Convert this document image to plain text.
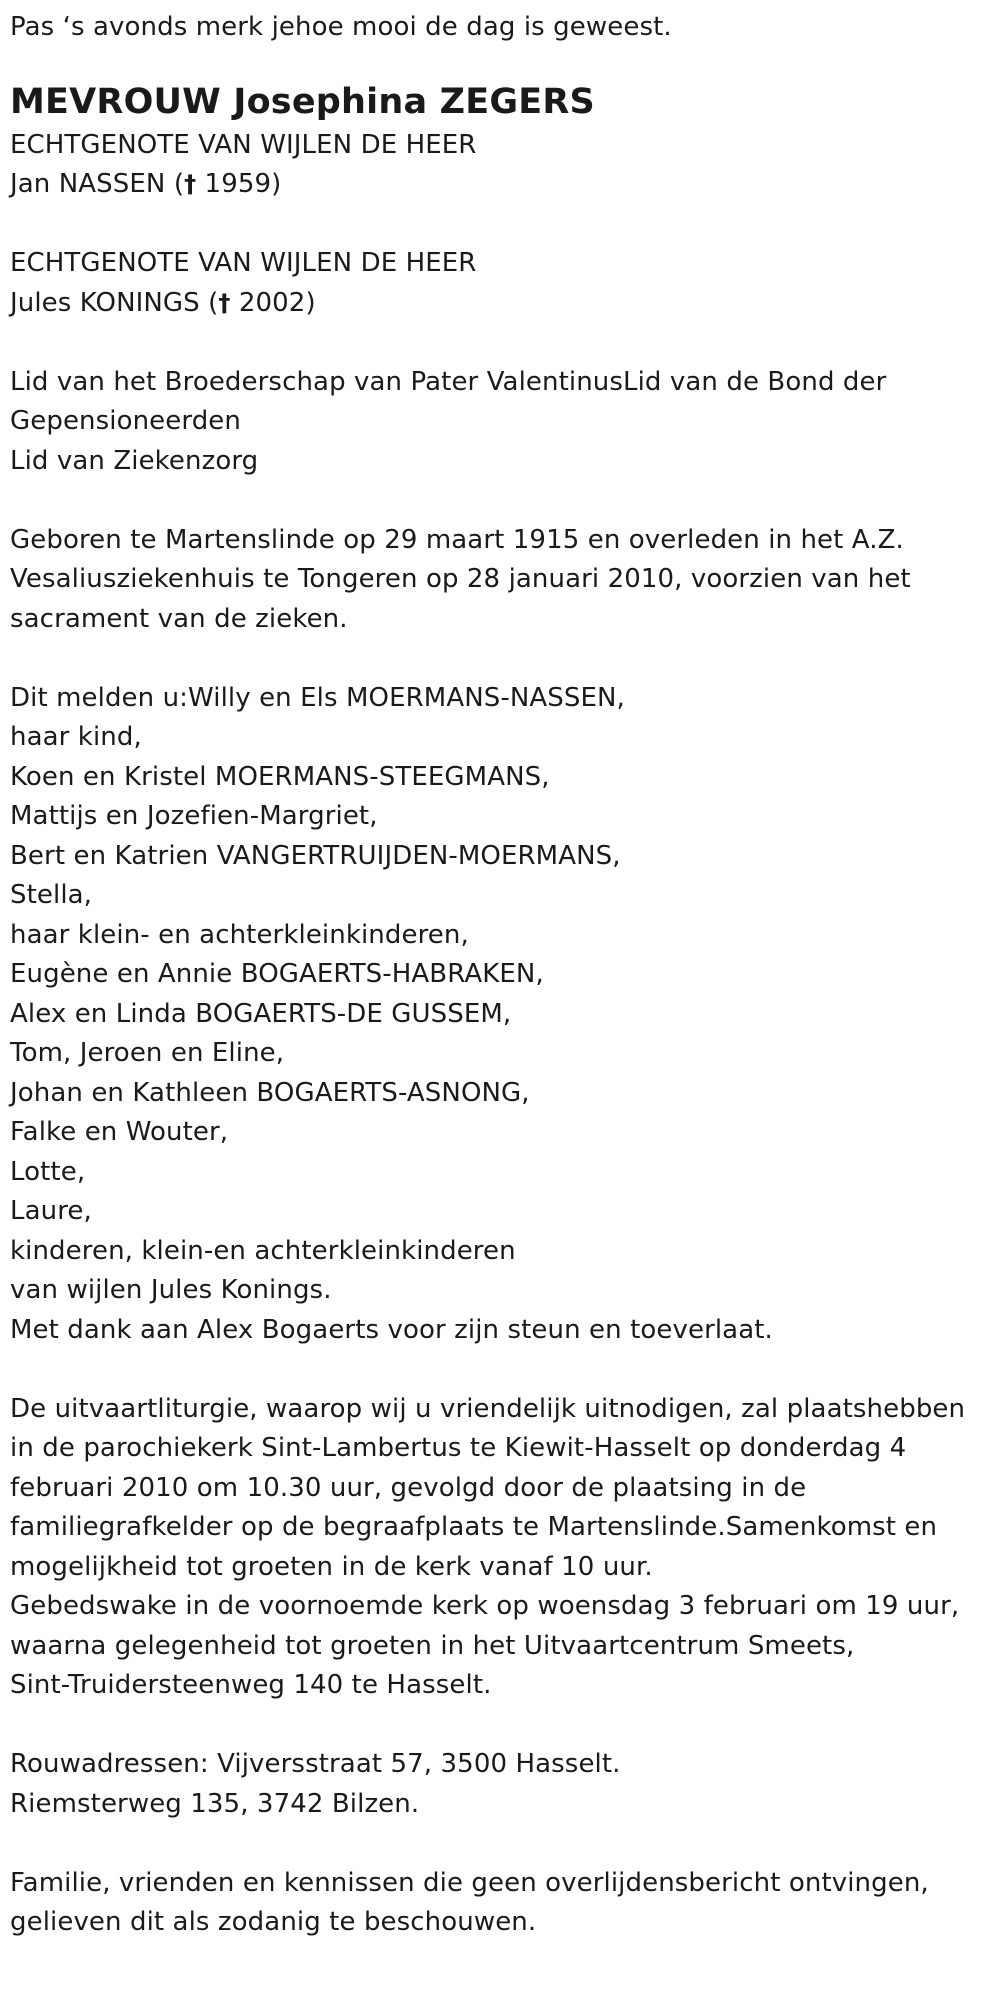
Pas ‘s avonds merk jehoe mooi de dag is geweest.
MEVROUW Josephina ZEGERS
ECHTGENOTE VAN WIJLEN DE HEER
Jan NASSEN († 1959)
ECHTGENOTE VAN WIJLEN DE HEER
Jules KONINGS († 2002)
Lid van het Broederschap van Pater ValentinusLid van de Bond der
Gepensioneerden
Lid van Ziekenzorg
Geboren te Martenslinde op 29 maart 1915 en overleden in het A.Z.
Vesaliusziekenhuis te Tongeren op 28 januari 2010, voorzien van het
sacrament van de zieken.
Dit melden u:Willy en Els MOERMANS-NASSEN,
haar kind,
Koen en Kristel MOERMANS-STEEGMANS,
Mattijs en Jozefien-Margriet,
Bert en Katrien VANGERTRUIJDEN-MOERMANS,
Stella,
haar klein- en achterkleinkinderen,
Eugène en Annie BOGAERTS-HABRAKEN,
Alex en Linda BOGAERTS-DE GUSSEM,
Tom, Jeroen en Eline,
Johan en Kathleen BOGAERTS-ASNONG,
Falke en Wouter,
Lotte,
Laure,
kinderen, klein-en achterkleinkinderen
van wijlen Jules Konings.
Met dank aan Alex Bogaerts voor zijn steun en toeverlaat.
De uitvaartliturgie, waarop wij u vriendelijk uitnodigen, zal plaatshebben
in de parochiekerk Sint-Lambertus te Kiewit-Hasselt op donderdag 4
februari 2010 om 10.30 uur, gevolgd door de plaatsing in de
familiegrafkelder op de begraafplaats te Martenslinde.Samenkomst en
mogelijkheid tot groeten in de kerk vanaf 10 uur.
Gebedswake in de voornoemde kerk op woensdag 3 februari om 19 uur,
waarna gelegenheid tot groeten in het Uitvaartcentrum Smeets,
Sint-Truidersteenweg 140 te Hasselt.
Rouwadressen: Vijversstraat 57, 3500 Hasselt.
Riemsterweg 135, 3742 Bilzen.
Familie, vrienden en kennissen die geen overlijdensbericht ontvingen,
gelieven dit als zodanig te beschouwen.
